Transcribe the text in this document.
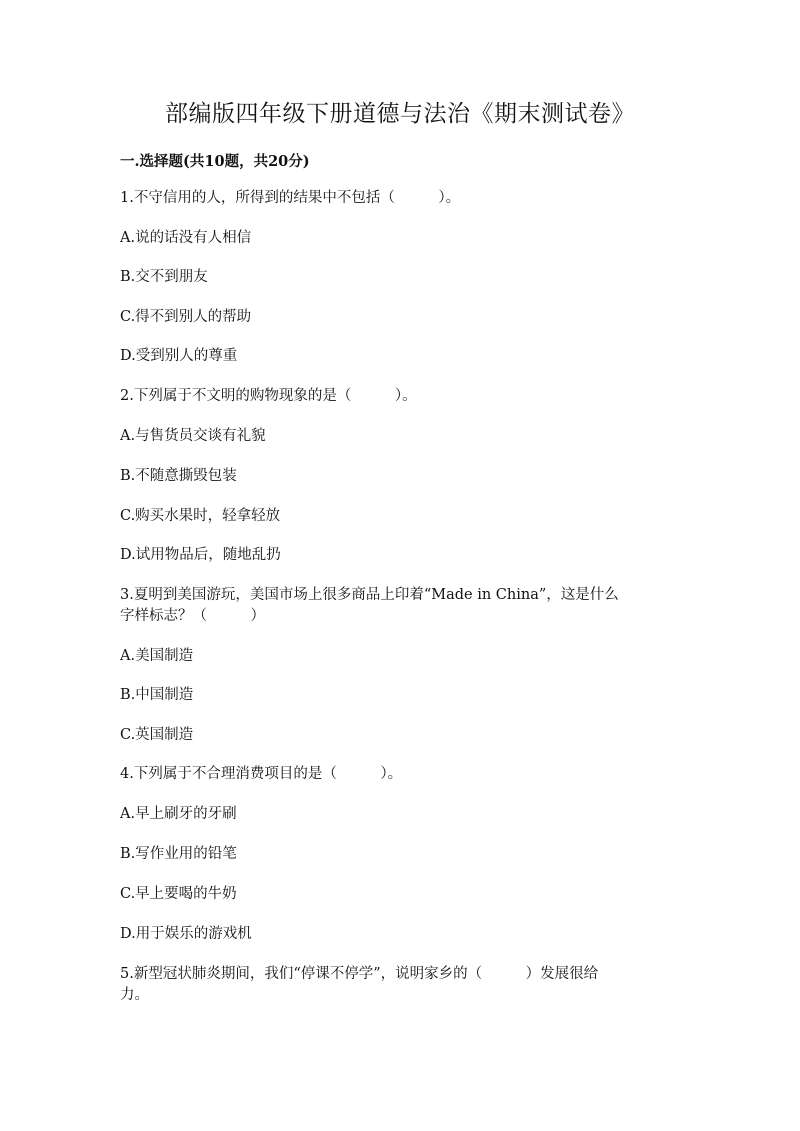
部编版四年级下册道德与法治《期末测试卷》

一.选择题(共10题，共20分)

1.不守信用的人，所得到的结果中不包括（　　　）。

A.说的话没有人相信

B.交不到朋友

C.得不到别人的帮助

D.受到别人的尊重

2.下列属于不文明的购物现象的是（　　　）。

A.与售货员交谈有礼貌

B.不随意撕毁包装

C.购买水果时，轻拿轻放

D.试用物品后，随地乱扔

3.夏明到美国游玩，美国市场上很多商品上印着“Made in China”，这是什么

字样标志？（　　　）

A.美国制造

B.中国制造

C.英国制造

4.下列属于不合理消费项目的是（　　　）。

A.早上刷牙的牙刷

B.写作业用的铅笔

C.早上要喝的牛奶

D.用于娱乐的游戏机

5.新型冠状肺炎期间，我们“停课不停学”，说明家乡的（　　　）发展很给

力。
